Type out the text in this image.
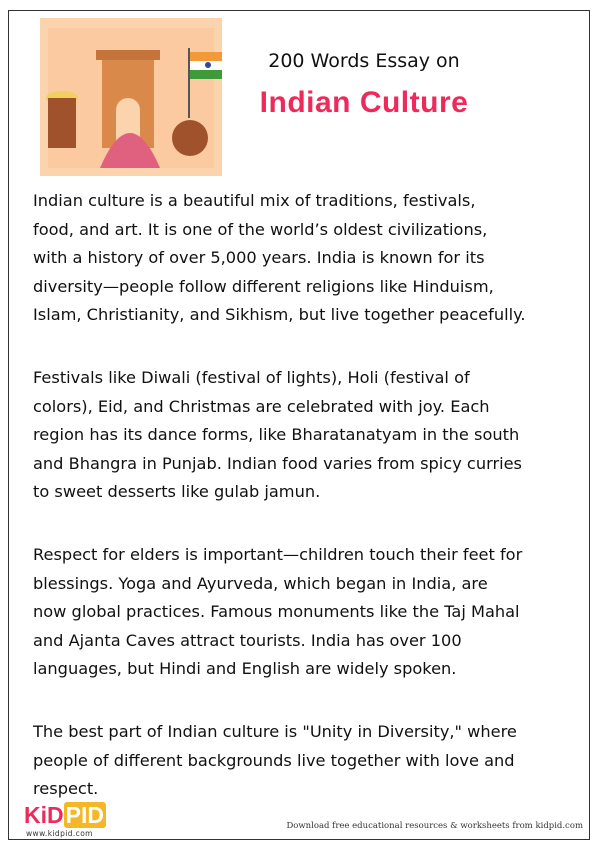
200 Words Essay on
Indian Culture

Indian culture is a beautiful mix of traditions, festivals,
food, and art. It is one of the world’s oldest civilizations,
with a history of over 5,000 years. India is known for its
diversity—people follow different religions like Hinduism,
Islam, Christianity, and Sikhism, but live together peacefully.

Festivals like Diwali (festival of lights), Holi (festival of
colors), Eid, and Christmas are celebrated with joy. Each
region has its dance forms, like Bharatanatyam in the south
and Bhangra in Punjab. Indian food varies from spicy curries
to sweet desserts like gulab jamun.

Respect for elders is important—children touch their feet for
blessings. Yoga and Ayurveda, which began in India, are
now global practices. Famous monuments like the Taj Mahal
and Ajanta Caves attract tourists. India has over 100
languages, but Hindi and English are widely spoken.

The best part of Indian culture is "Unity in Diversity," where
people of different backgrounds live together with love and
respect.

KiDPID
www.kidpid.com
Download free educational resources & worksheets from kidpid.com
